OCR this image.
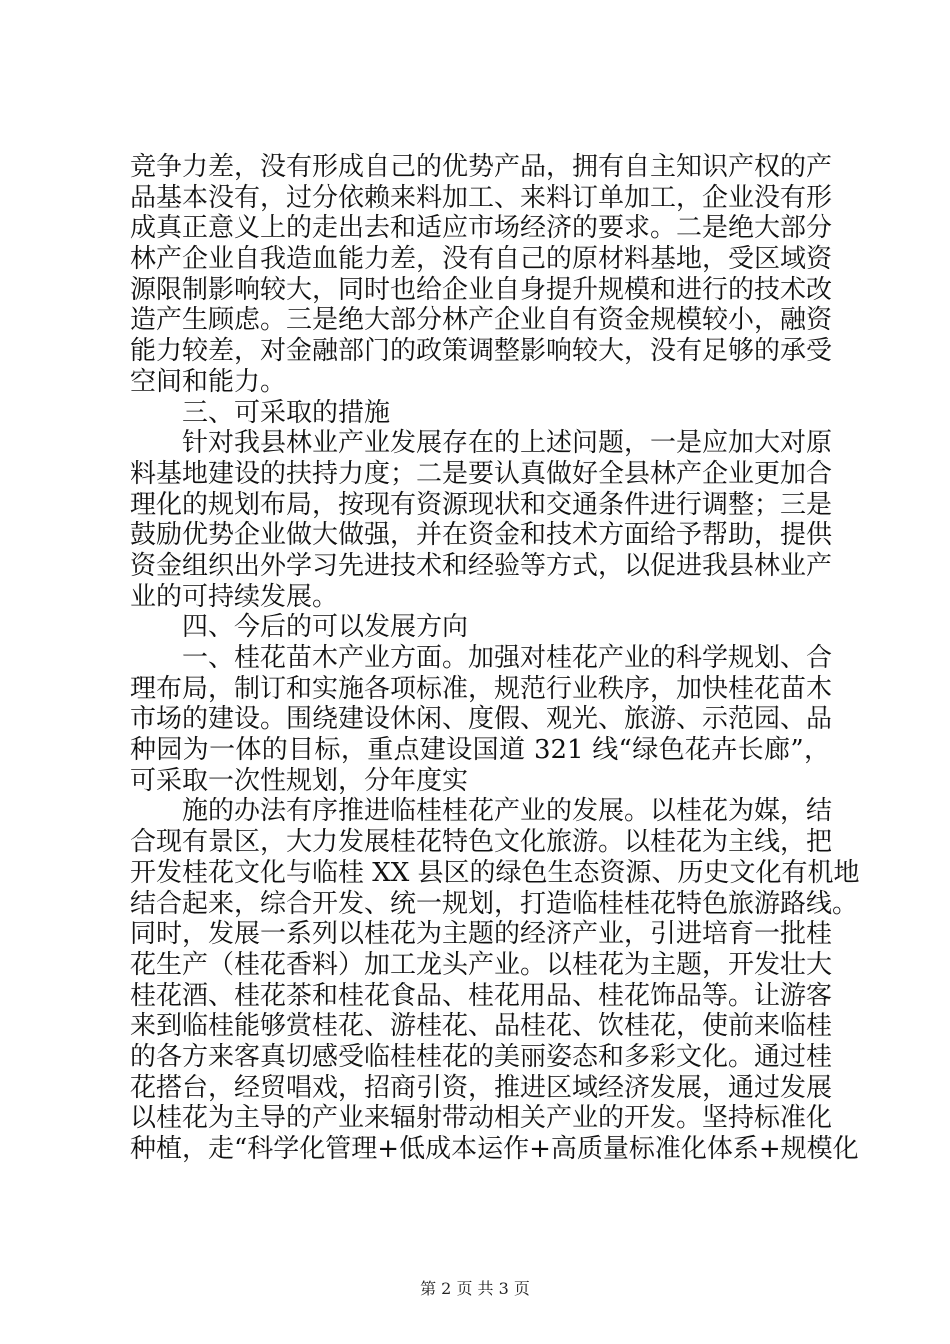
竞争力差，没有形成自己的优势产品，拥有自主知识产权的产
品基本没有，过分依赖来料加工、来料订单加工，企业没有形
成真正意义上的走出去和适应市场经济的要求。二是绝大部分
林产企业自我造血能力差，没有自己的原材料基地，受区域资
源限制影响较大，同时也给企业自身提升规模和进行的技术改
造产生顾虑。三是绝大部分林产企业自有资金规模较小，融资
能力较差，对金融部门的政策调整影响较大，没有足够的承受
空间和能力。
三、可采取的措施
针对我县林业产业发展存在的上述问题，一是应加大对原
料基地建设的扶持力度；二是要认真做好全县林产企业更加合
理化的规划布局，按现有资源现状和交通条件进行调整；三是
鼓励优势企业做大做强，并在资金和技术方面给予帮助，提供
资金组织出外学习先进技术和经验等方式，以促进我县林业产
业的可持续发展。
四、今后的可以发展方向
一、桂花苗木产业方面。加强对桂花产业的科学规划、合
理布局，制订和实施各项标准，规范行业秩序，加快桂花苗木
市场的建设。围绕建设休闲、度假、观光、旅游、示范园、品
种园为一体的目标，重点建设国道 321 线“绿色花卉长廊”，
可采取一次性规划，分年度实
施的办法有序推进临桂桂花产业的发展。以桂花为媒，结
合现有景区，大力发展桂花特色文化旅游。以桂花为主线，把
开发桂花文化与临桂 XX 县区的绿色生态资源、历史文化有机地
结合起来，综合开发、统一规划，打造临桂桂花特色旅游路线。
同时，发展一系列以桂花为主题的经济产业，引进培育一批桂
花生产（桂花香料）加工龙头产业。以桂花为主题，开发壮大
桂花酒、桂花茶和桂花食品、桂花用品、桂花饰品等。让游客
来到临桂能够赏桂花、游桂花、品桂花、饮桂花，使前来临桂
的各方来客真切感受临桂桂花的美丽姿态和多彩文化。通过桂
花搭台，经贸唱戏，招商引资，推进区域经济发展，通过发展
以桂花为主导的产业来辐射带动相关产业的开发。坚持标准化
种植，走“科学化管理+低成本运作+高质量标准化体系+规模化
第 2 页 共 3 页
